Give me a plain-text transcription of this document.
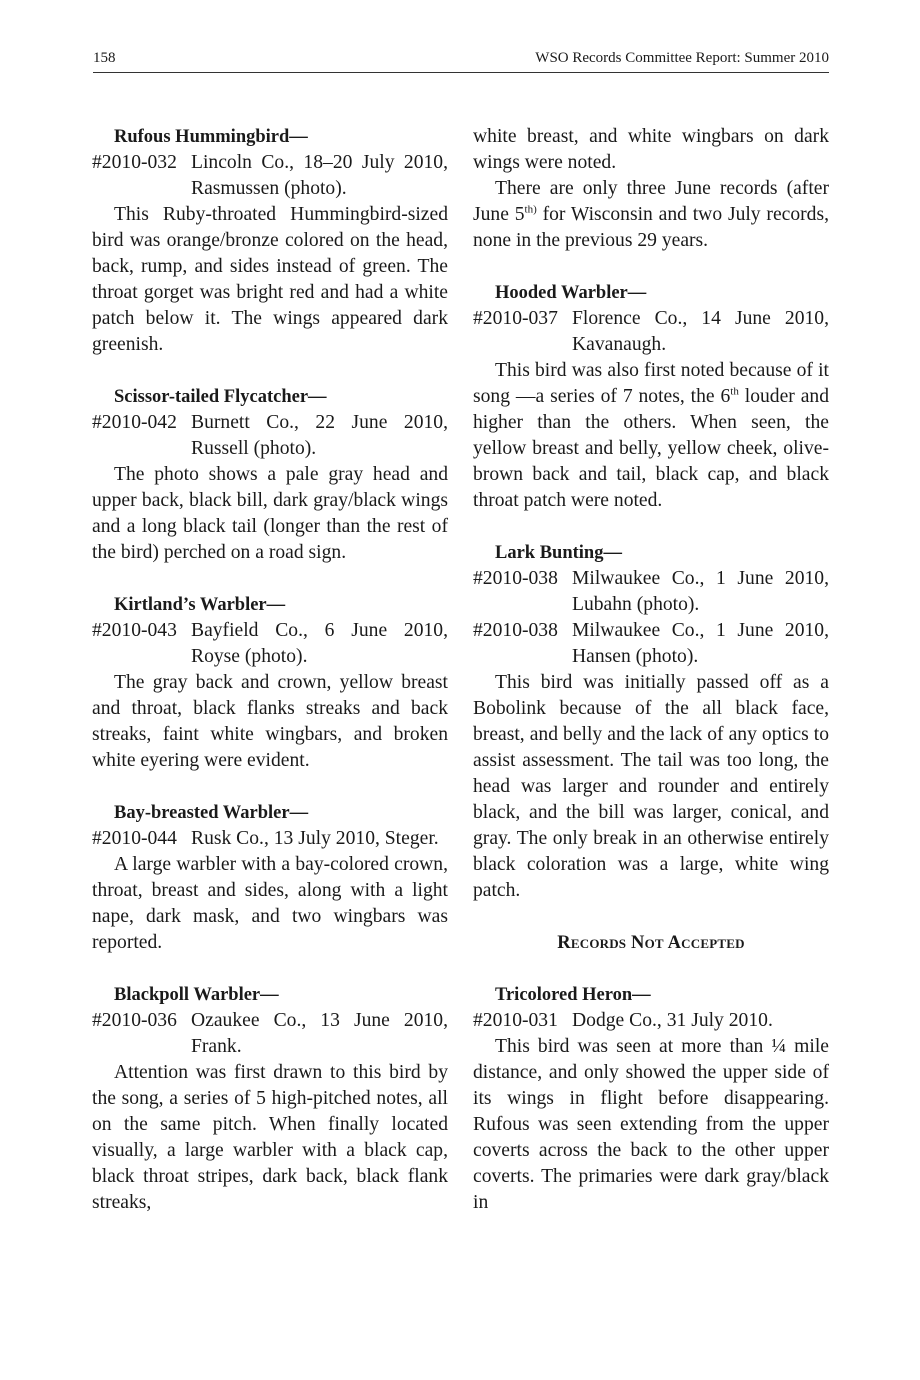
158	WSO Records Committee Report: Summer 2010
Rufous Hummingbird—
#2010-032 Lincoln Co., 18–20 July 2010, Rasmussen (photo).

This Ruby-throated Hummingbird-sized bird was orange/bronze colored on the head, back, rump, and sides instead of green. The throat gorget was bright red and had a white patch below it. The wings appeared dark greenish.

Scissor-tailed Flycatcher—
#2010-042 Burnett Co., 22 June 2010, Russell (photo).

The photo shows a pale gray head and upper back, black bill, dark gray/black wings and a long black tail (longer than the rest of the bird) perched on a road sign.

Kirtland’s Warbler—
#2010-043 Bayfield Co., 6 June 2010, Royse (photo).

The gray back and crown, yellow breast and throat, black flanks streaks and back streaks, faint white wingbars, and broken white eyering were evident.

Bay-breasted Warbler—
#2010-044 Rusk Co., 13 July 2010, Steger.

A large warbler with a bay-colored crown, throat, breast and sides, along with a light nape, dark mask, and two wingbars was reported.

Blackpoll Warbler—
#2010-036 Ozaukee Co., 13 June 2010, Frank.

Attention was first drawn to this bird by the song, a series of 5 high-pitched notes, all on the same pitch. When finally located visually, a large warbler with a black cap, black throat stripes, dark back, black flank streaks,

white breast, and white wingbars on dark wings were noted.

There are only three June records (after June $5^{th)}$ for Wisconsin and two July records, none in the previous 29 years.

Hooded Warbler—
#2010-037 Florence Co., 14 June 2010, Kavanaugh.

This bird was also first noted because of it song —a series of 7 notes, the 6th louder and higher than the others. When seen, the yellow breast and belly, yellow cheek, olive-brown back and tail, black cap, and black throat patch were noted.

Lark Bunting—
#2010-038 Milwaukee Co., 1 June 2010, Lubahn (photo).
#2010-038 Milwaukee Co., 1 June 2010, Hansen (photo).

This bird was initially passed off as a Bobolink because of the all black face, breast, and belly and the lack of any optics to assist assessment. The tail was too long, the head was larger and rounder and entirely black, and the bill was larger, conical, and gray. The only break in an otherwise entirely black coloration was a large, white wing patch.

Records Not Accepted
Tricolored Heron—
#2010-031 Dodge Co., 31 July 2010.

This bird was seen at more than ¼ mile distance, and only showed the upper side of its wings in flight before disappearing. Rufous was seen extending from the upper coverts across the back to the other upper coverts. The primaries were dark gray/black in
